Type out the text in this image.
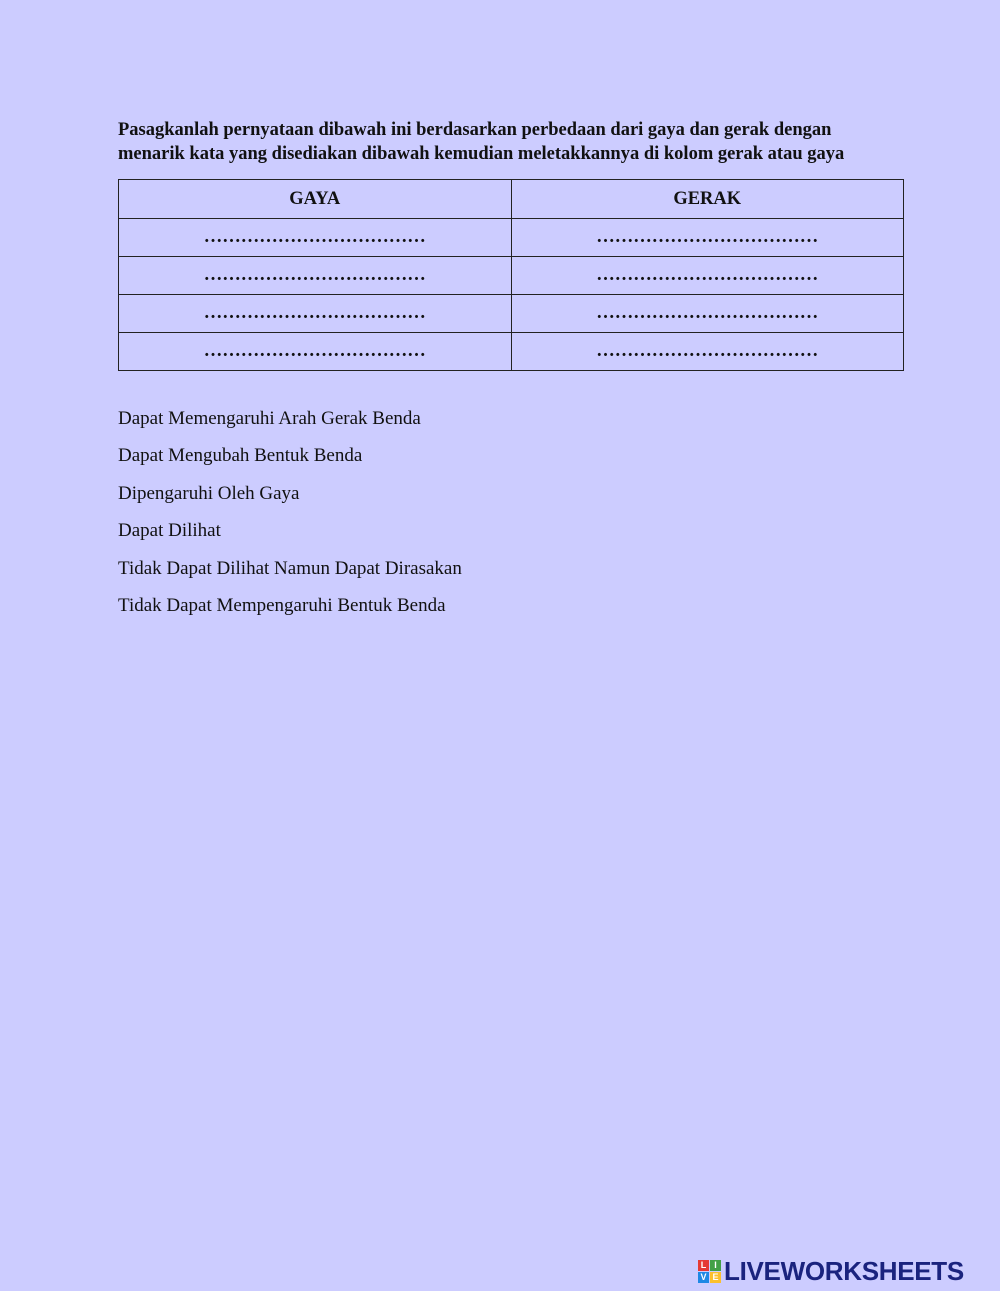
Pasagkanlah pernyataan dibawah ini berdasarkan perbedaan dari gaya dan gerak dengan
menarik kata yang disediakan dibawah kemudian meletakkannya di kolom gerak atau gaya

GAYA	GERAK
………………………………	………………………………
………………………………	………………………………
………………………………	………………………………
………………………………	………………………………
Dapat Memengaruhi Arah Gerak Benda
Dapat Mengubah Bentuk Benda
Dipengaruhi Oleh Gaya
Dapat Dilihat
Tidak Dapat Dilihat Namun Dapat Dirasakan
Tidak Dapat Mempengaruhi Bentuk Benda
L I
V E LIVEWORKSHEETS
